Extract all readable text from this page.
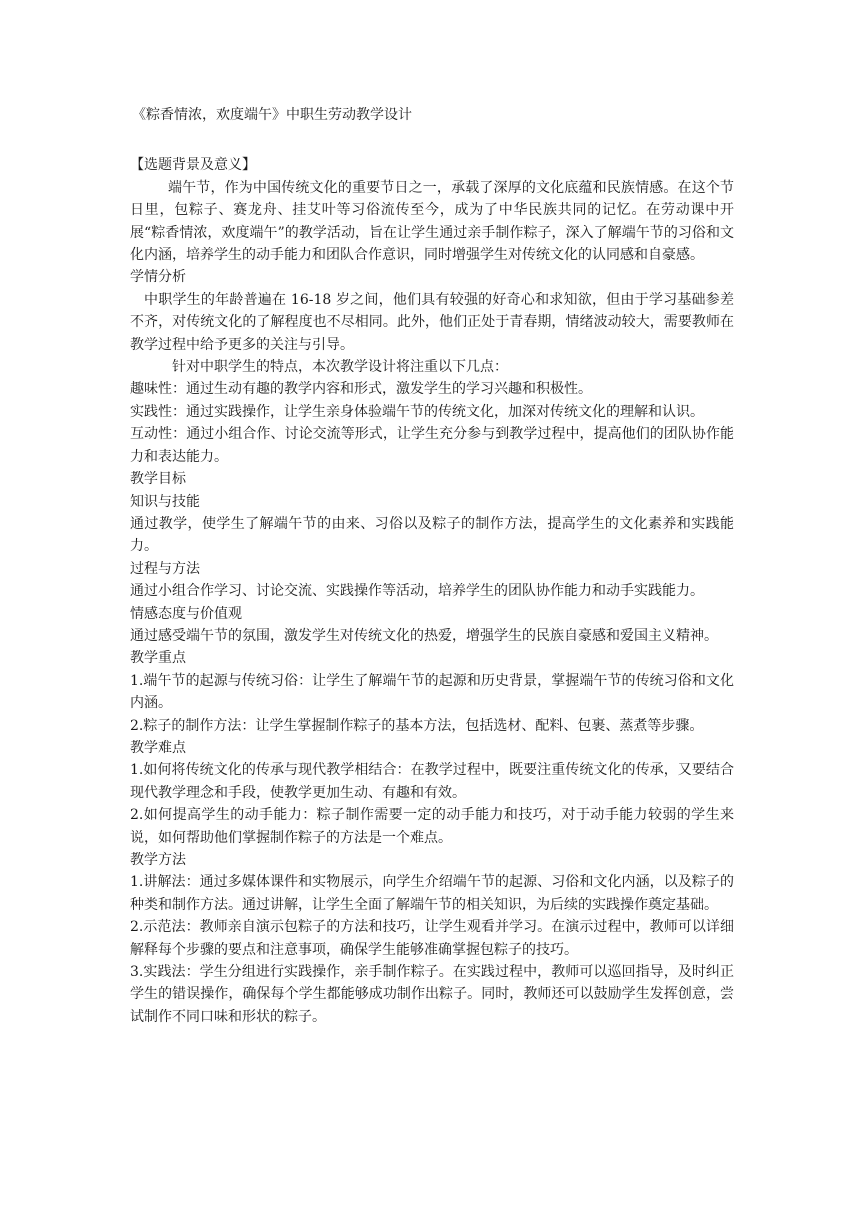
《粽香情浓，欢度端午》中职生劳动教学设计

【选题背景及意义】

端午节，作为中国传统文化的重要节日之一，承载了深厚的文化底蕴和民族情感。在这个节日里，包粽子、赛龙舟、挂艾叶等习俗流传至今，成为了中华民族共同的记忆。在劳动课中开展“粽香情浓，欢度端午”的教学活动，旨在让学生通过亲手制作粽子，深入了解端午节的习俗和文化内涵，培养学生的动手能力和团队合作意识，同时增强学生对传统文化的认同感和自豪感。

学情分析

中职学生的年龄普遍在 16-18 岁之间，他们具有较强的好奇心和求知欲，但由于学习基础参差不齐，对传统文化的了解程度也不尽相同。此外，他们正处于青春期，情绪波动较大，需要教师在教学过程中给予更多的关注与引导。

针对中职学生的特点，本次教学设计将注重以下几点：

趣味性：通过生动有趣的教学内容和形式，激发学生的学习兴趣和积极性。

实践性：通过实践操作，让学生亲身体验端午节的传统文化，加深对传统文化的理解和认识。

互动性：通过小组合作、讨论交流等形式，让学生充分参与到教学过程中，提高他们的团队协作能力和表达能力。

教学目标

知识与技能

通过教学，使学生了解端午节的由来、习俗以及粽子的制作方法，提高学生的文化素养和实践能力。

过程与方法

通过小组合作学习、讨论交流、实践操作等活动，培养学生的团队协作能力和动手实践能力。

情感态度与价值观

通过感受端午节的氛围，激发学生对传统文化的热爱，增强学生的民族自豪感和爱国主义精神。

教学重点

1.端午节的起源与传统习俗：让学生了解端午节的起源和历史背景，掌握端午节的传统习俗和文化内涵。

2.粽子的制作方法：让学生掌握制作粽子的基本方法，包括选材、配料、包裹、蒸煮等步骤。

教学难点

1.如何将传统文化的传承与现代教学相结合：在教学过程中，既要注重传统文化的传承，又要结合现代教学理念和手段，使教学更加生动、有趣和有效。

2.如何提高学生的动手能力：粽子制作需要一定的动手能力和技巧，对于动手能力较弱的学生来说，如何帮助他们掌握制作粽子的方法是一个难点。

教学方法

1.讲解法：通过多媒体课件和实物展示，向学生介绍端午节的起源、习俗和文化内涵，以及粽子的种类和制作方法。通过讲解，让学生全面了解端午节的相关知识，为后续的实践操作奠定基础。

2.示范法：教师亲自演示包粽子的方法和技巧，让学生观看并学习。在演示过程中，教师可以详细解释每个步骤的要点和注意事项，确保学生能够准确掌握包粽子的技巧。

3.实践法：学生分组进行实践操作，亲手制作粽子。在实践过程中，教师可以巡回指导，及时纠正学生的错误操作，确保每个学生都能够成功制作出粽子。同时，教师还可以鼓励学生发挥创意，尝试制作不同口味和形状的粽子。
